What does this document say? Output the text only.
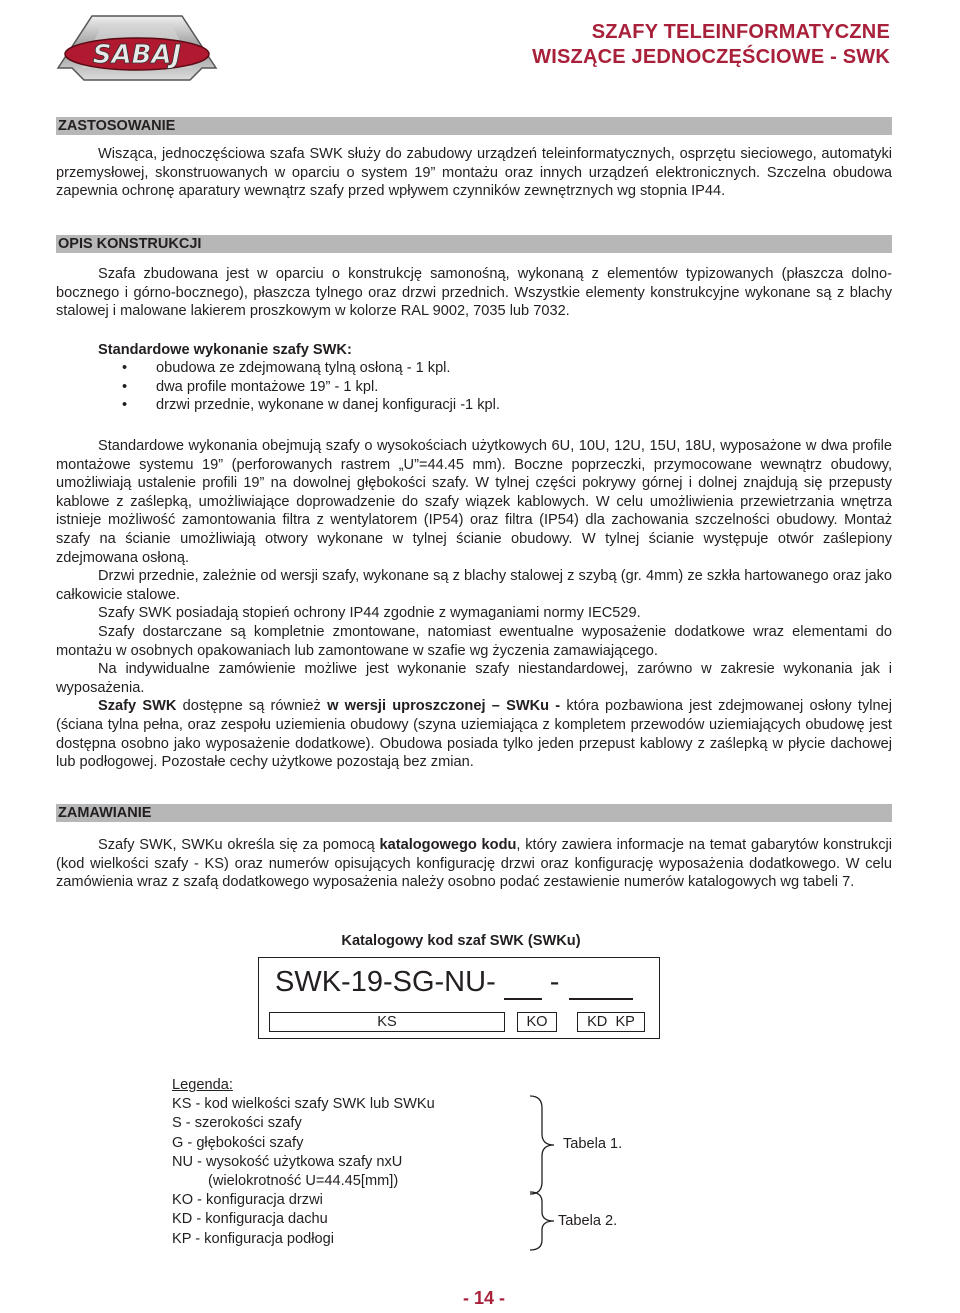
SABAJ
SZAFY TELEINFORMATYCZNE
WISZĄCE JEDNOCZĘŚCIOWE - SWK
ZASTOSOWANIE

Wisząca, jednoczęściowa szafa SWK służy do zabudowy urządzeń teleinformatycznych, osprzętu sieciowego, automatyki przemysłowej, skonstruowanych w oparciu o system 19” montażu oraz innych urządzeń elektronicznych. Szczelna obudowa zapewnia ochronę aparatury wewnątrz szafy przed wpływem czynników zewnętrznych wg stopnia IP44.

OPIS KONSTRUKCJI

Szafa zbudowana jest w oparciu o konstrukcję samonośną, wykonaną z elementów typizowanych (płaszcza dolno-bocznego i górno-bocznego), płaszcza tylnego oraz drzwi przednich. Wszystkie elementy konstrukcyjne wykonane są z blachy stalowej i malowane lakierem proszkowym w kolorze RAL 9002, 7035 lub 7032.

Standardowe wykonanie szafy SWK:
• obudowa ze zdejmowaną tylną osłoną - 1 kpl.
• dwa profile montażowe 19” - 1 kpl.
• drzwi przednie, wykonane w danej konfiguracji -1 kpl.

Standardowe wykonania obejmują szafy o wysokościach użytkowych 6U, 10U, 12U, 15U, 18U, wyposażone w dwa profile montażowe systemu 19” (perforowanych rastrem „U”=44.45 mm). Boczne poprzeczki, przymocowane wewnątrz obudowy, umożliwiają ustalenie profili 19” na dowolnej głębokości szafy. W tylnej części pokrywy górnej i dolnej znajdują się przepusty kablowe z zaślepką, umożliwiające doprowadzenie do szafy wiązek kablowych. W celu umożliwienia przewietrzania wnętrza istnieje możliwość zamontowania filtra z wentylatorem (IP54) oraz filtra (IP54) dla zachowania szczelności obudowy. Montaż szafy na ścianie umożliwiają otwory wykonane w tylnej ścianie obudowy. W tylnej ścianie występuje otwór zaślepiony zdejmowana osłoną.

Drzwi przednie, zależnie od wersji szafy, wykonane są z blachy stalowej z szybą (gr. 4mm) ze szkła hartowanego oraz jako całkowicie stalowe.

Szafy SWK posiadają stopień ochrony IP44 zgodnie z wymaganiami normy IEC529.

Szafy dostarczane są kompletnie zmontowane, natomiast ewentualne wyposażenie dodatkowe wraz elementami do montażu w osobnych opakowaniach lub zamontowane w szafie wg życzenia zamawiającego.

Na indywidualne zamówienie możliwe jest wykonanie szafy niestandardowej, zarówno w zakresie wykonania jak i wyposażenia.

Szafy SWK dostępne są również w wersji uproszczonej – SWKu - która pozbawiona jest zdejmowanej osłony tylnej (ściana tylna pełna, oraz zespołu uziemienia obudowy (szyna uziemiająca z kompletem przewodów uziemiających obudowę jest dostępna osobno jako wyposażenie dodatkowe). Obudowa posiada tylko jeden przepust kablowy z zaślepką w płycie dachowej lub podłogowej. Pozostałe cechy użytkowe pozostają bez zmian.

ZAMAWIANIE

Szafy SWK, SWKu określa się za pomocą katalogowego kodu, który zawiera informacje na temat gabarytów konstrukcji (kod wielkości szafy - KS) oraz numerów opisujących konfigurację drzwi oraz konfigurację wyposażenia dodatkowego. W celu zamówienia wraz z szafą dodatkowego wyposażenia należy osobno podać zestawienie numerów katalogowych wg tabeli 7.

Katalogowy kod szaf SWK (SWKu)
SWK-19-SG-NU- -
KS	KO	KD  KP
Legenda:
KS - kod wielkości szafy SWK lub SWKu
S - szerokości szafy
G - głębokości szafy
NU - wysokość użytkowa szafy nxU
(wielokrotność U=44.45[mm])
KO - konfiguracja drzwi
KD - konfiguracja dachu
KP - konfiguracja podłogi
Tabela 1.
Tabela 2.
- 14 -
